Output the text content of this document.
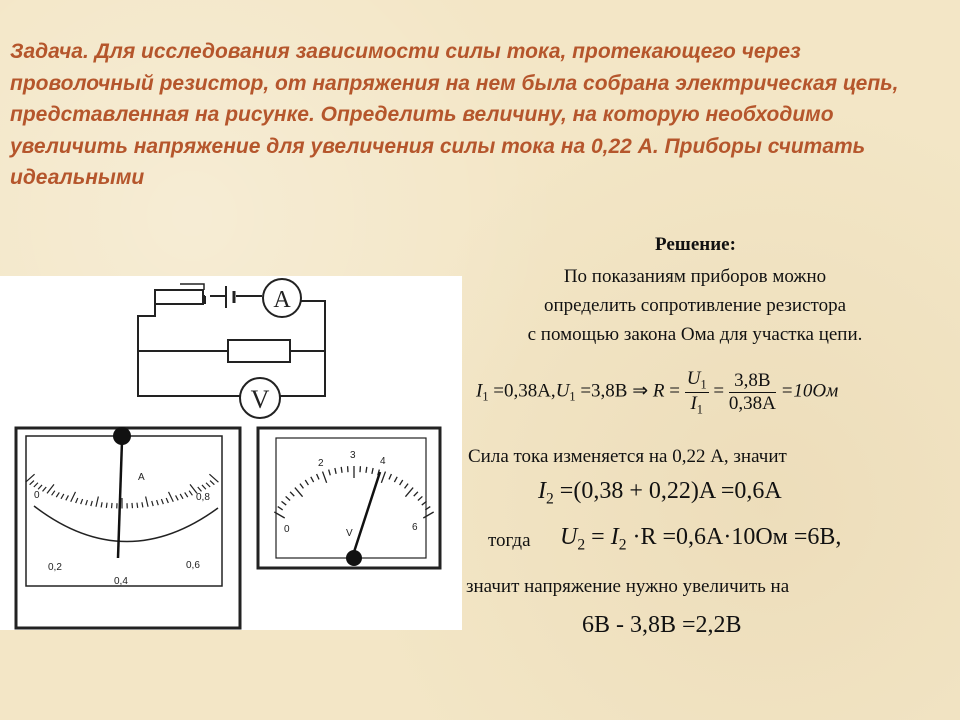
Задача. Для исследования зависимости силы тока, протекающего через проволочный резистор, от напряжения на нем была собрана электрическая цепь, представленная на рисунке. Определить величину, на которую необходимо увеличить напряжение для увеличения силы тока на 0,22 А. Приборы считать идеальными

A
V
A
0
0,2
0,4
0,6
0,8
V
0
2
3
4
6
Решение:
По показаниям приборов можно
определить сопротивление резистора
с помощью закона Ома для участка цепи.
$I_1 =0,38A,U_1 =3,8B$ ⇒ $R = \frac{U_1}{I_1} = \frac{3,8B}{0,38A} =10Ом$
Сила тока изменяется на 0,22 А, значит
$I_2 =(0,38 + 0,22)A =0,6A$
тогда $U_2 = I_2 \cdot R =0,6A\cdot 10Ом =6B$,
значит напряжение нужно увеличить на
6B - 3,8B =2,2B
